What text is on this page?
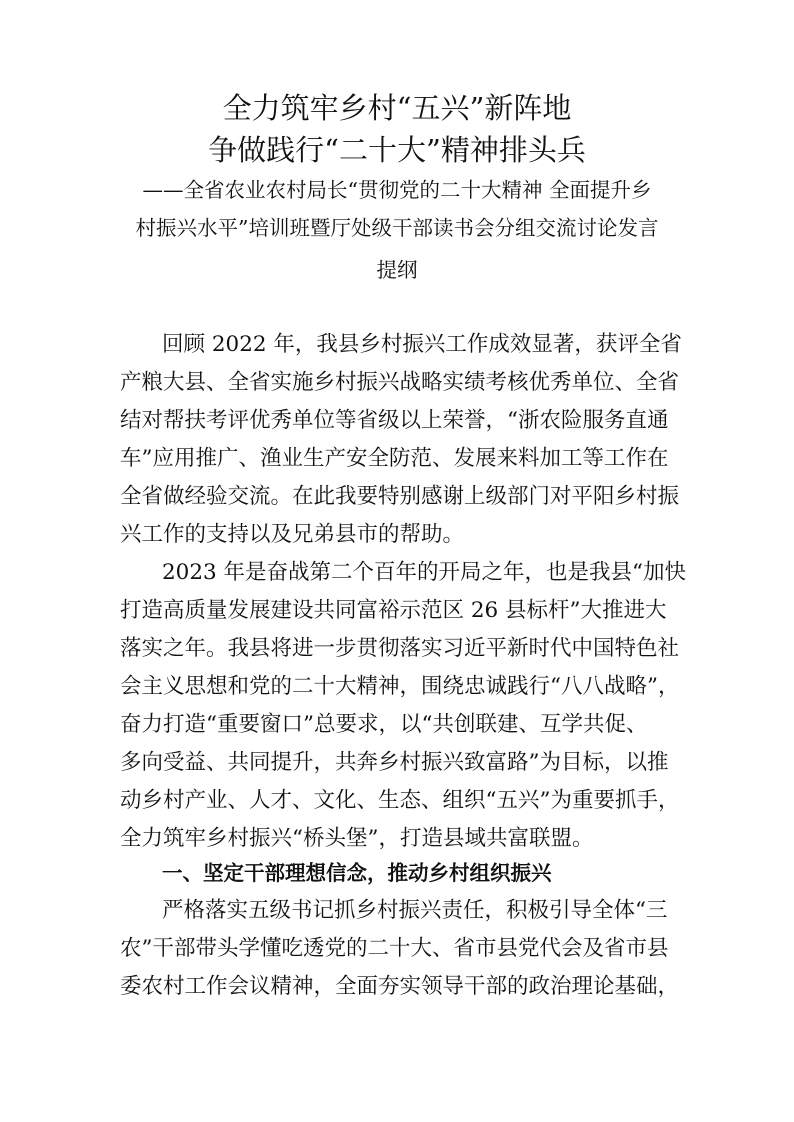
全力筑牢乡村“五兴”新阵地
争做践行“二十大”精神排头兵
——全省农业农村局长“贯彻党的二十大精神 全面提升乡
村振兴水平”培训班暨厅处级干部读书会分组交流讨论发言
提纲
回顾 2022 年，我县乡村振兴工作成效显著，获评全省
产粮大县、全省实施乡村振兴战略实绩考核优秀单位、全省
结对帮扶考评优秀单位等省级以上荣誉，“浙农险服务直通
车”应用推广、渔业生产安全防范、发展来料加工等工作在
全省做经验交流。在此我要特别感谢上级部门对平阳乡村振
兴工作的支持以及兄弟县市的帮助。
2023 年是奋战第二个百年的开局之年，也是我县“加快
打造高质量发展建设共同富裕示范区 26 县标杆”大推进大
落实之年。我县将进一步贯彻落实习近平新时代中国特色社
会主义思想和党的二十大精神，围绕忠诚践行“八八战略”，
奋力打造“重要窗口”总要求，以“共创联建、互学共促、
多向受益、共同提升，共奔乡村振兴致富路”为目标，以推
动乡村产业、人才、文化、生态、组织“五兴”为重要抓手，
全力筑牢乡村振兴“桥头堡”，打造县域共富联盟。
一、坚定干部理想信念，推动乡村组织振兴
严格落实五级书记抓乡村振兴责任，积极引导全体“三
农”干部带头学懂吃透党的二十大、省市县党代会及省市县
委农村工作会议精神，全面夯实领导干部的政治理论基础，
